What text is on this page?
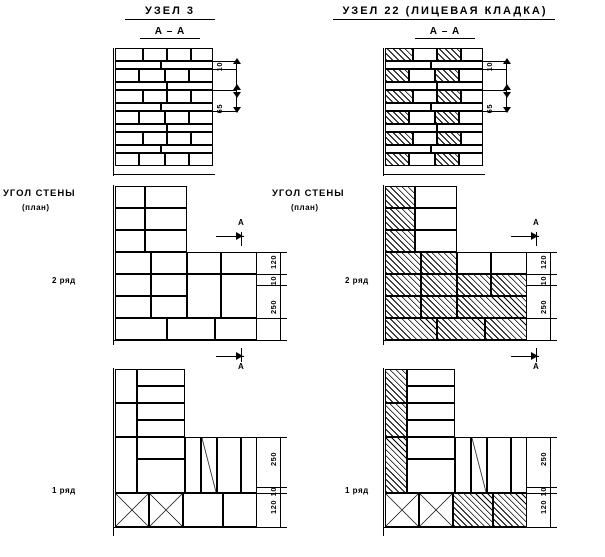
УЗЕЛ 3
А – А
УЗЕЛ 22 (ЛИЦЕВАЯ КЛАДКА)
А – А
10
65
10
65
УГОЛ СТЕНЫ
(план)
УГОЛ СТЕНЫ
(план)
2 ряд
А
А
120
10
250
2 ряд
А
А
120
10
250
1 ряд
250
10
120
1 ряд
250
10
120
